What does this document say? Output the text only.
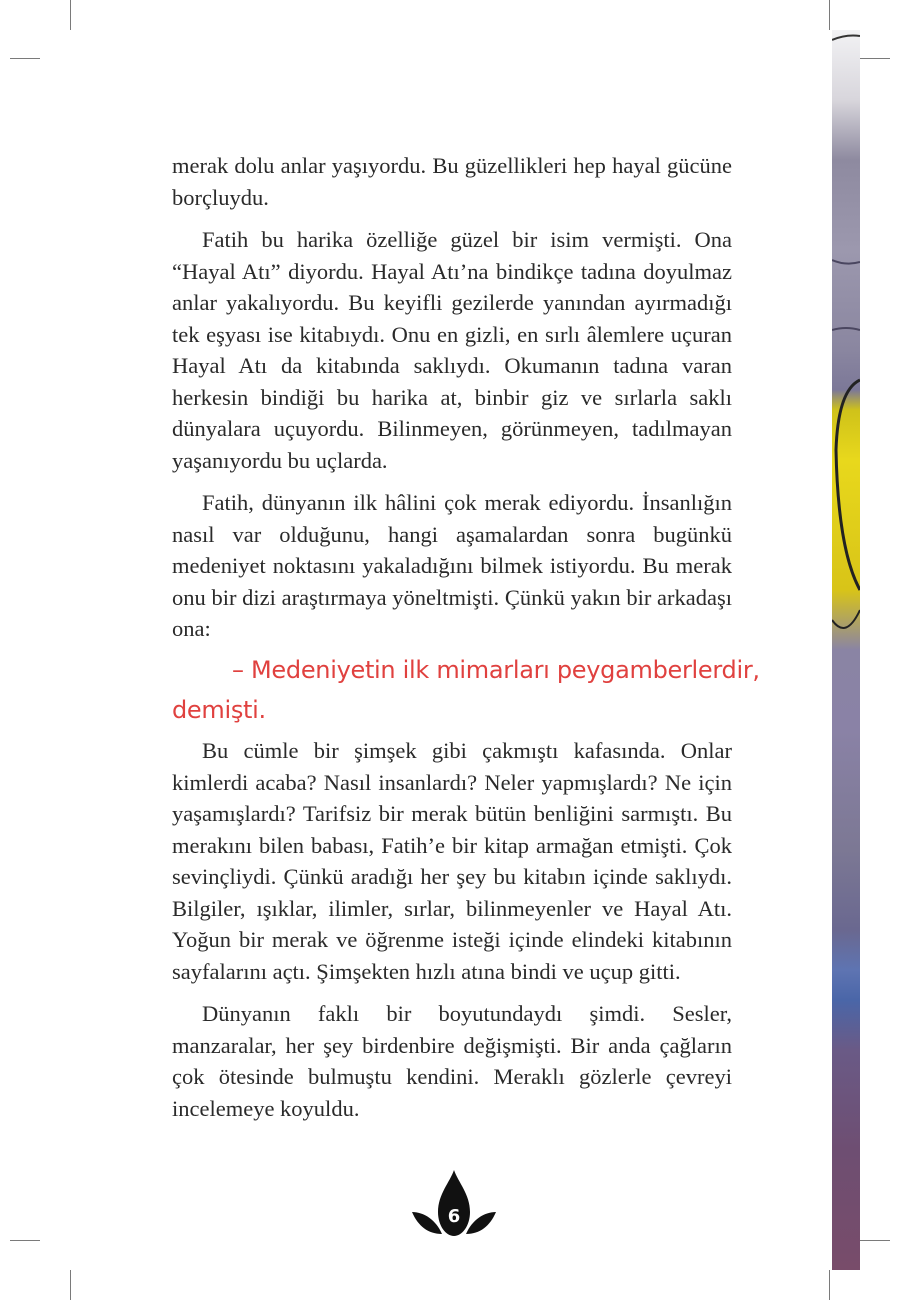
merak dolu anlar yaşıyordu. Bu güzellikleri hep hayal gücüne borçluydu.

Fatih bu harika özelliğe güzel bir isim vermişti. Ona “Hayal Atı” diyordu. Hayal Atı’na bindikçe tadına doyulmaz anlar yakalıyordu. Bu keyifli gezilerde yanından ayırmadığı tek eşyası ise kitabıydı. Onu en gizli, en sırlı âlemlere uçuran Hayal Atı da kitabında saklıydı. Okumanın tadına varan herkesin bindiği bu harika at, binbir giz ve sırlarla saklı dünyalara uçuyordu. Bilinmeyen, görünmeyen, tadılmayan yaşanıyordu bu uçlarda.

Fatih, dünyanın ilk hâlini çok merak ediyordu. İnsanlığın nasıl var olduğunu, hangi aşamalardan sonra bugünkü medeniyet noktasını yakaladığını bilmek istiyordu. Bu merak onu bir dizi araştırmaya yöneltmişti. Çünkü yakın bir arkadaşı ona:

– Medeniyetin ilk mimarları peygamberlerdir,
demişti.

Bu cümle bir şimşek gibi çakmıştı kafasında. Onlar kimlerdi acaba? Nasıl insanlardı? Neler yapmışlardı? Ne için yaşamışlardı? Tarifsiz bir merak bütün benliğini sarmıştı. Bu merakını bilen babası, Fatih’e bir kitap armağan etmişti. Çok sevinçliydi. Çünkü aradığı her şey bu kitabın içinde saklıydı. Bilgiler, ışıklar, ilimler, sırlar, bilinmeyenler ve Hayal Atı. Yoğun bir merak ve öğrenme isteği içinde elindeki kitabının sayfalarını açtı. Şimşekten hızlı atına bindi ve uçup gitti.

Dünyanın faklı bir boyutundaydı şimdi. Sesler, manzaralar, her şey birdenbire değişmişti. Bir anda çağların çok ötesinde bulmuştu kendini. Meraklı gözlerle çevreyi incelemeye koyuldu.

6
